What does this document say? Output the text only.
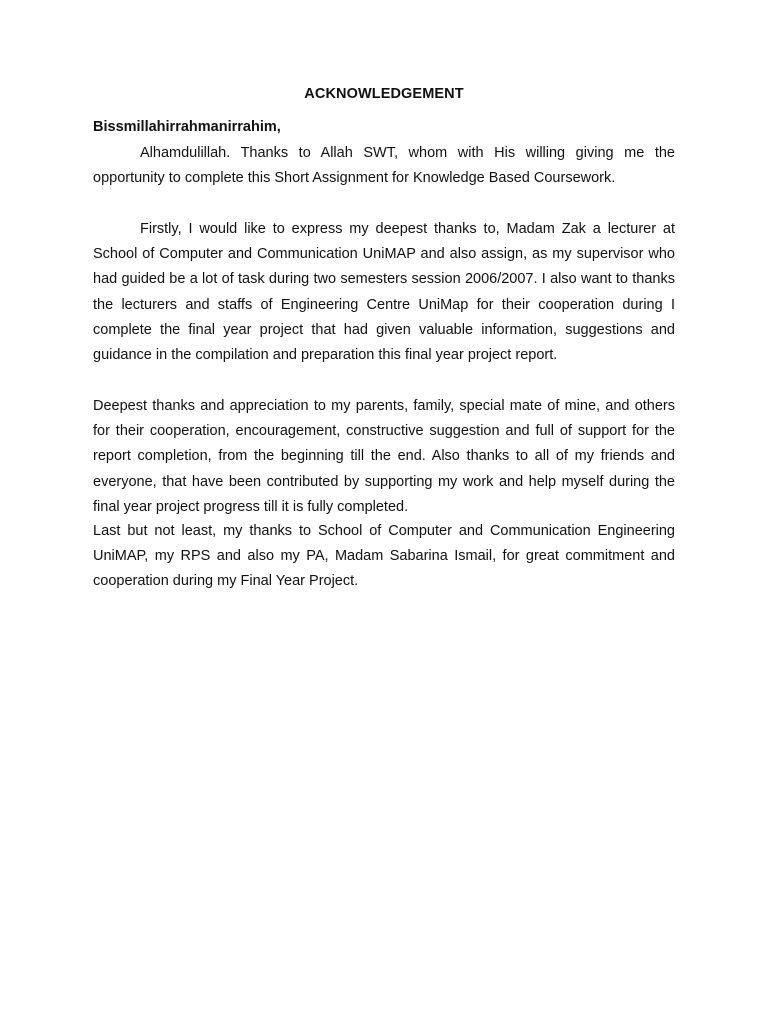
ACKNOWLEDGEMENT
Bissmillahirrahmanirrahim,

Alhamdulillah. Thanks to Allah SWT, whom with His willing giving me the opportunity to complete this Short Assignment for Knowledge Based Coursework.

Firstly, I would like to express my deepest thanks to, Madam Zak a lecturer at School of Computer and Communication UniMAP and also assign, as my supervisor who had guided be a lot of task during two semesters session 2006/2007. I also want to thanks the lecturers and staffs of Engineering Centre UniMap for their cooperation during I complete the final year project that had given valuable information, suggestions and guidance in the compilation and preparation this final year project report.

Deepest thanks and appreciation to my parents, family, special mate of mine, and others for their cooperation, encouragement, constructive suggestion and full of support for the report completion, from the beginning till the end. Also thanks to all of my friends and everyone, that have been contributed by supporting my work and help myself during the final year project progress till it is fully completed.

Last but not least, my thanks to School of Computer and Communication Engineering UniMAP, my RPS and also my PA, Madam Sabarina Ismail, for great commitment and cooperation during my Final Year Project.
